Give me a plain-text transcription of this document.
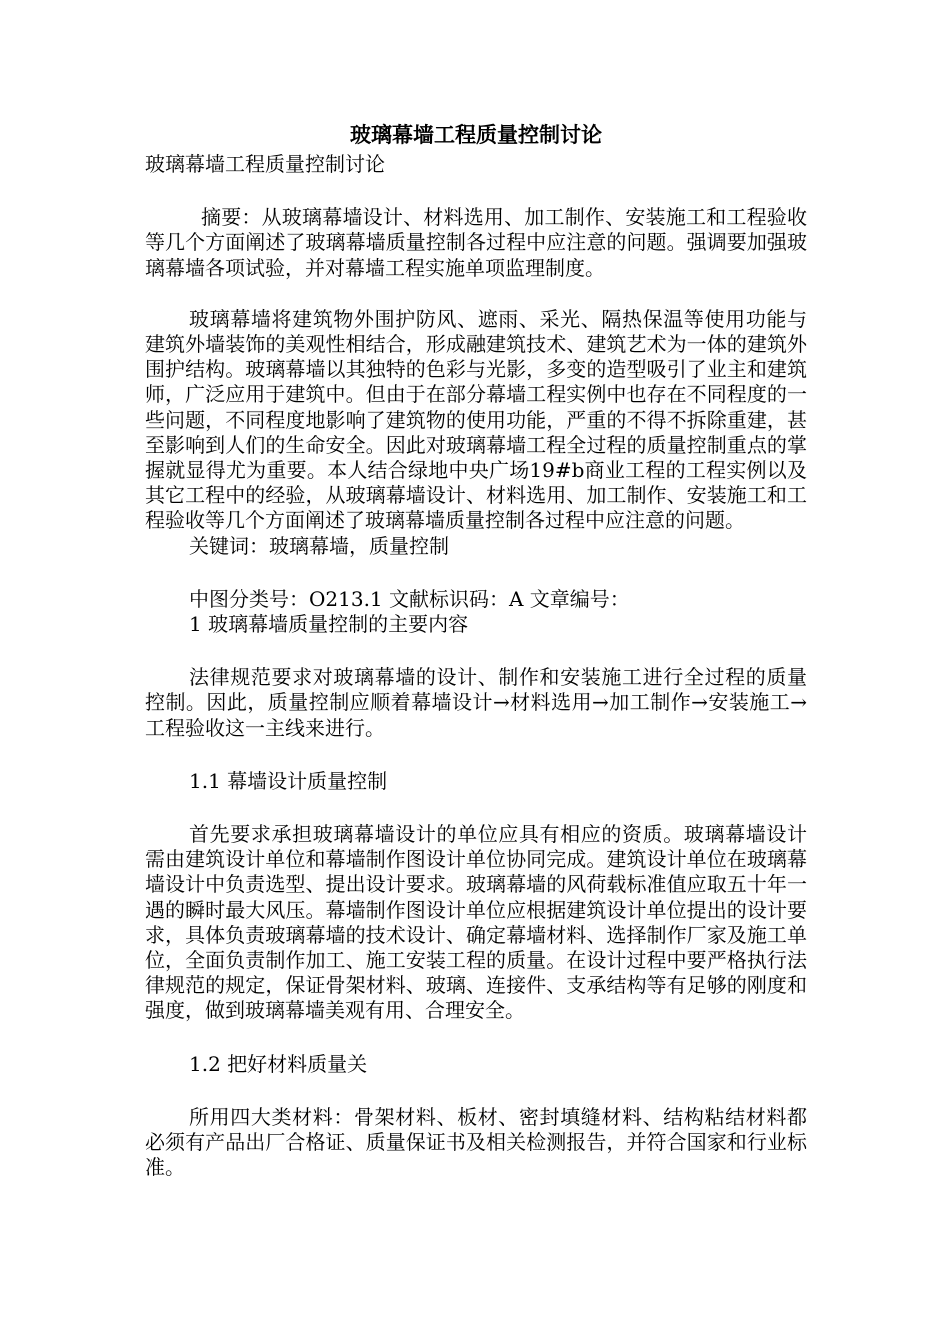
玻璃幕墙工程质量控制讨论

玻璃幕墙工程质量控制讨论

摘要：从玻璃幕墙设计、材料选用、加工制作、安装施工和工程验收等几个方面阐述了玻璃幕墙质量控制各过程中应注意的问题。强调要加强玻璃幕墙各项试验，并对幕墙工程实施单项监理制度。

玻璃幕墙将建筑物外围护防风、遮雨、采光、隔热保温等使用功能与建筑外墙装饰的美观性相结合，形成融建筑技术、建筑艺术为一体的建筑外围护结构。玻璃幕墙以其独特的色彩与光影，多变的造型吸引了业主和建筑师，广泛应用于建筑中。但由于在部分幕墙工程实例中也存在不同程度的一些问题，不同程度地影响了建筑物的使用功能，严重的不得不拆除重建，甚至影响到人们的生命安全。因此对玻璃幕墙工程全过程的质量控制重点的掌握就显得尤为重要。本人结合绿地中央广场19#b商业工程的工程实例以及其它工程中的经验，从玻璃幕墙设计、材料选用、加工制作、安装施工和工程验收等几个方面阐述了玻璃幕墙质量控制各过程中应注意的问题。

关键词：玻璃幕墙，质量控制

中图分类号：O213.1 文献标识码：A 文章编号：

1 玻璃幕墙质量控制的主要内容

法律规范要求对玻璃幕墙的设计、制作和安装施工进行全过程的质量控制。因此，质量控制应顺着幕墙设计→材料选用→加工制作→安装施工→工程验收这一主线来进行。

1.1 幕墙设计质量控制

首先要求承担玻璃幕墙设计的单位应具有相应的资质。玻璃幕墙设计需由建筑设计单位和幕墙制作图设计单位协同完成。建筑设计单位在玻璃幕墙设计中负责选型、提出设计要求。玻璃幕墙的风荷载标准值应取五十年一遇的瞬时最大风压。幕墙制作图设计单位应根据建筑设计单位提出的设计要求，具体负责玻璃幕墙的技术设计、确定幕墙材料、选择制作厂家及施工单位，全面负责制作加工、施工安装工程的质量。在设计过程中要严格执行法律规范的规定，保证骨架材料、玻璃、连接件、支承结构等有足够的刚度和强度，做到玻璃幕墙美观有用、合理安全。

1.2 把好材料质量关

所用四大类材料：骨架材料、板材、密封填缝材料、结构粘结材料都必须有产品出厂合格证、质量保证书及相关检测报告，并符合国家和行业标准。
